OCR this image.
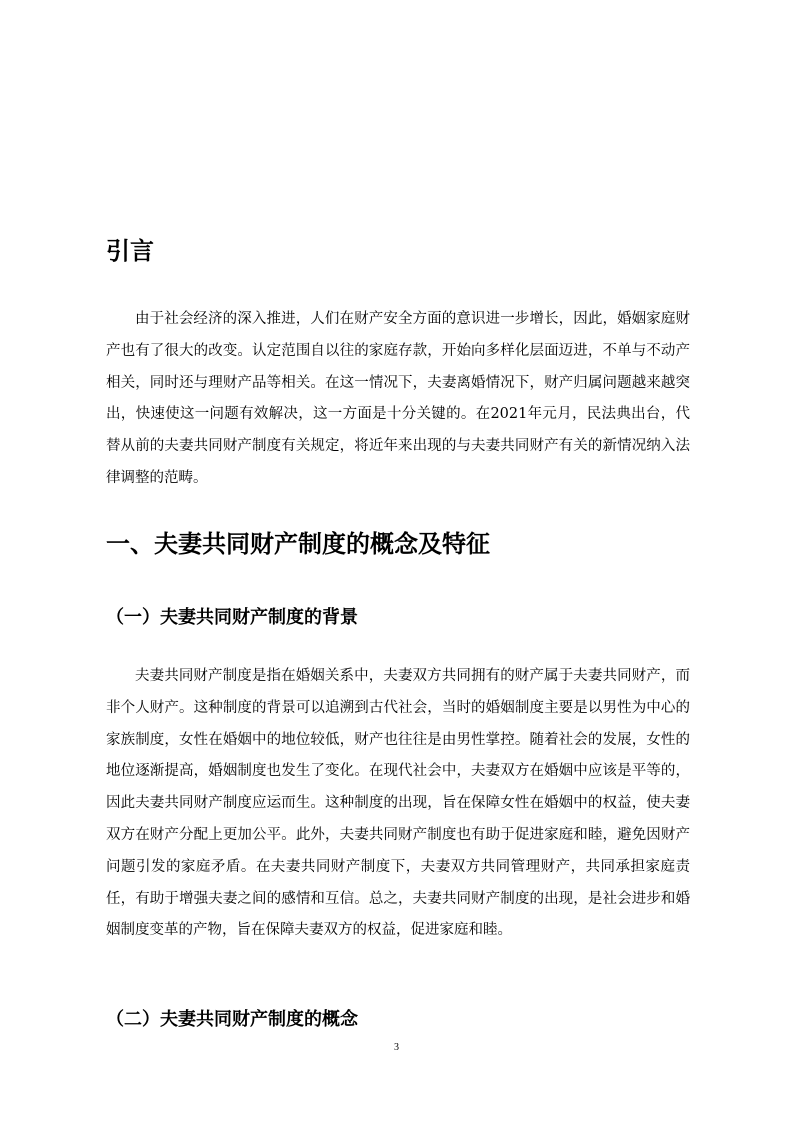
引言

由于社会经济的深入推进，人们在财产安全方面的意识进一步增长，因此，婚姻家庭财产也有了很大的改变。认定范围自以往的家庭存款，开始向多样化层面迈进，不单与不动产相关，同时还与理财产品等相关。在这一情况下，夫妻离婚情况下，财产归属问题越来越突出，快速使这一问题有效解决，这一方面是十分关键的。在2021年元月，民法典出台，代替从前的夫妻共同财产制度有关规定，将近年来出现的与夫妻共同财产有关的新情况纳入法律调整的范畴。

一、夫妻共同财产制度的概念及特征
（一）夫妻共同财产制度的背景

夫妻共同财产制度是指在婚姻关系中，夫妻双方共同拥有的财产属于夫妻共同财产，而非个人财产。这种制度的背景可以追溯到古代社会，当时的婚姻制度主要是以男性为中心的家族制度，女性在婚姻中的地位较低，财产也往往是由男性掌控。随着社会的发展，女性的地位逐渐提高，婚姻制度也发生了变化。在现代社会中，夫妻双方在婚姻中应该是平等的，因此夫妻共同财产制度应运而生。这种制度的出现，旨在保障女性在婚姻中的权益，使夫妻双方在财产分配上更加公平。此外，夫妻共同财产制度也有助于促进家庭和睦，避免因财产问题引发的家庭矛盾。在夫妻共同财产制度下，夫妻双方共同管理财产，共同承担家庭责任，有助于增强夫妻之间的感情和互信。总之，夫妻共同财产制度的出现，是社会进步和婚姻制度变革的产物，旨在保障夫妻双方的权益，促进家庭和睦。

（二）夫妻共同财产制度的概念
3
